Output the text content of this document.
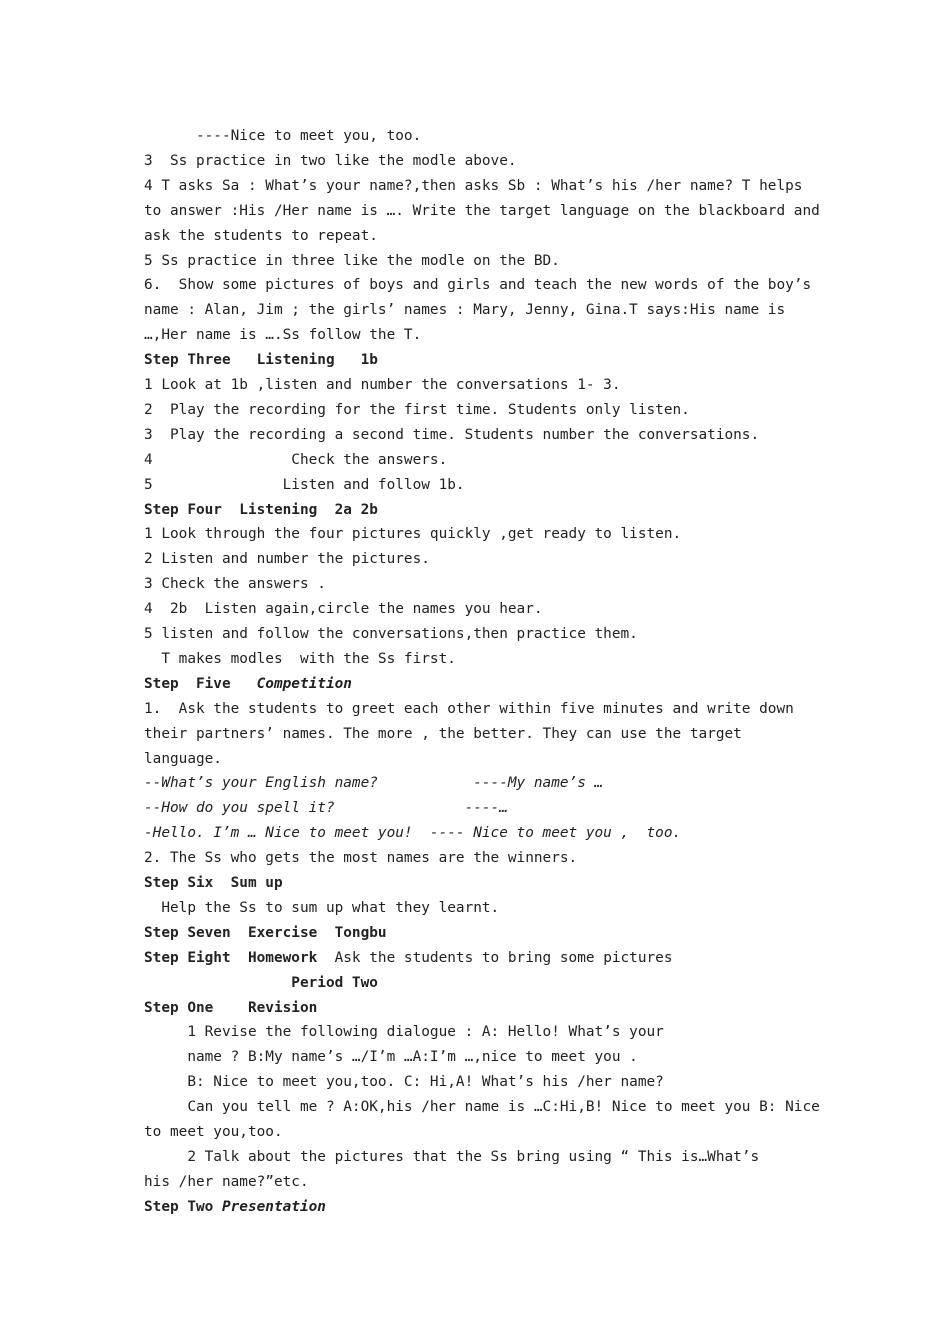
----Nice to meet you, too.
3  Ss practice in two like the modle above.
4 T asks Sa : What’s your name?,then asks Sb : What’s his /her name? T helps
to answer :His /Her name is …. Write the target language on the blackboard and
ask the students to repeat.
5 Ss practice in three like the modle on the BD.
6.  Show some pictures of boys and girls and teach the new words of the boy’s
name : Alan, Jim ; the girls’ names : Mary, Jenny, Gina.T says:His name is
…,Her name is ….Ss follow the T.
Step Three   Listening   1b
1 Look at 1b ,listen and number the conversations 1- 3.
2  Play the recording for the first time. Students only listen.
3  Play the recording a second time. Students number the conversations.
4                Check the answers.
5               Listen and follow 1b.
Step Four  Listening  2a 2b
1 Look through the four pictures quickly ,get ready to listen.
2 Listen and number the pictures.
3 Check the answers .
4  2b  Listen again,circle the names you hear.
5 listen and follow the conversations,then practice them.
T makes modles  with the Ss first.
Step  Five   Competition
1.  Ask the students to greet each other within five minutes and write down
their partners’ names. The more , the better. They can use the target
language.
--What’s your English name?           ----My name’s …
--How do you spell it?               ----…
-Hello. I’m … Nice to meet you!  ---- Nice to meet you ,  too.
2. The Ss who gets the most names are the winners.
Step Six  Sum up
Help the Ss to sum up what they learnt.
Step Seven  Exercise  Tongbu
Step Eight  Homework  Ask the students to bring some pictures
Period Two
Step One    Revision
1 Revise the following dialogue : A: Hello! What’s your
name ? B:My name’s …/I’m …A:I’m …,nice to meet you .
B: Nice to meet you,too. C: Hi,A! What’s his /her name?
Can you tell me ? A:OK,his /her name is …C:Hi,B! Nice to meet you B: Nice
to meet you,too.
2 Talk about the pictures that the Ss bring using “ This is…What’s
his /her name?”etc.
Step Two Presentation
